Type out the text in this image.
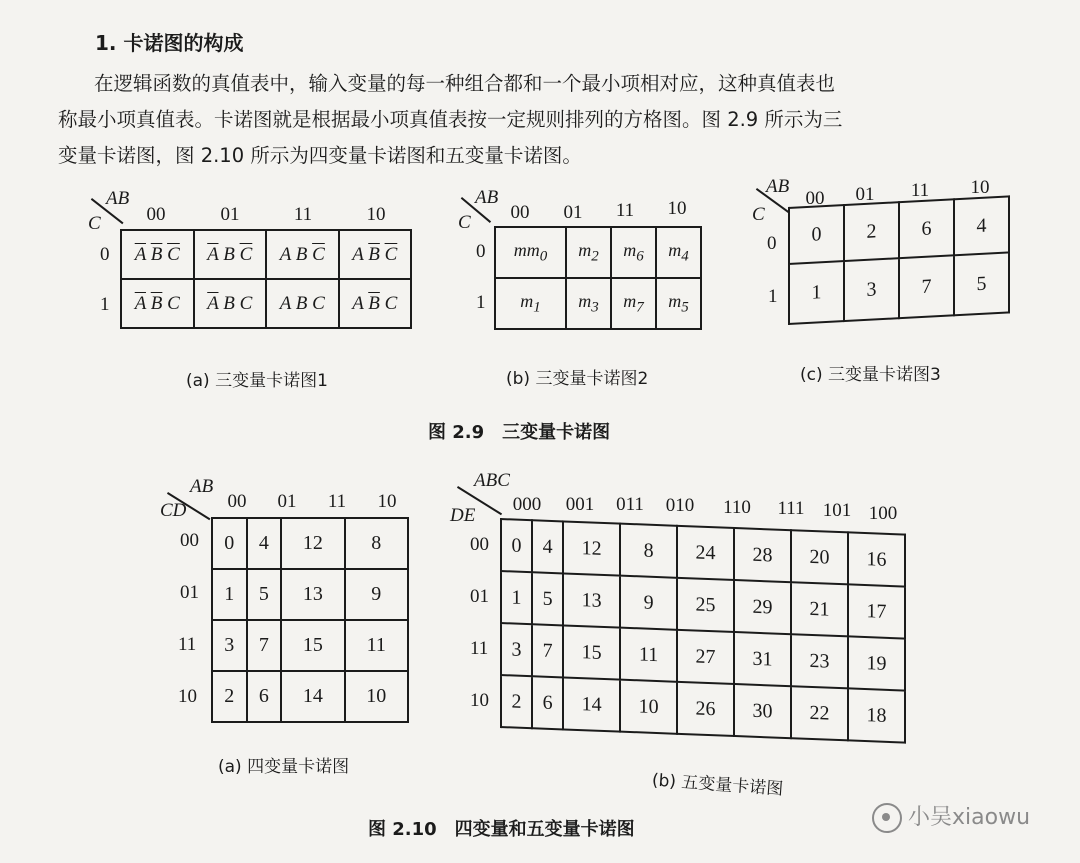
1. 卡诺图的构成
在逻辑函数的真值表中，输入变量的每一种组合都和一个最小项相对应，这种真值表也
称最小项真值表。卡诺图就是根据最小项真值表按一定规则排列的方格图。图 2.9 所示为三
变量卡诺图，图 2.10 所示为四变量卡诺图和五变量卡诺图。
AB
C	00	01	11	10
0
1
$\overline{A}$ $\overline{B}$ $\overline{C}$	$\overline{A}$ B $\overline{C}$	A B $\overline{C}$	A $\overline{B}$ $\overline{C}$
$\overline{A}$ $\overline{B}$ C	$\overline{A}$ B C	A B C	A $\overline{B}$ C
(a) 三变量卡诺图1
AB
C	00	01	11	10
0
1
$mm_0$	$m_2$	$m_6$	$m_4$
$m_1$	$m_3$	$m_7$	$m_5$
(b) 三变量卡诺图2
AB
C
00	01	11	10
0
1
0	2	6	4
1	3	7	5
(c) 三变量卡诺图3
图 2.9　三变量卡诺图
AB
CD	00	01	11	10
00
01
11
10
0	4	12	8
1	5	13	9
3	7	15	11
2	6	14	10
(a) 四变量卡诺图
ABC
DE
000	001	011	010	110	111 101 100
00
01
11
10
0	4	12	8	24	28	20	16
1	5	13	9	25	29	21	17
3	7	15	11	27	31	23	19
2	6	14	10	26	30	22	18
(b) 五变量卡诺图
图 2.10　四变量和五变量卡诺图	小吴xiaowu
